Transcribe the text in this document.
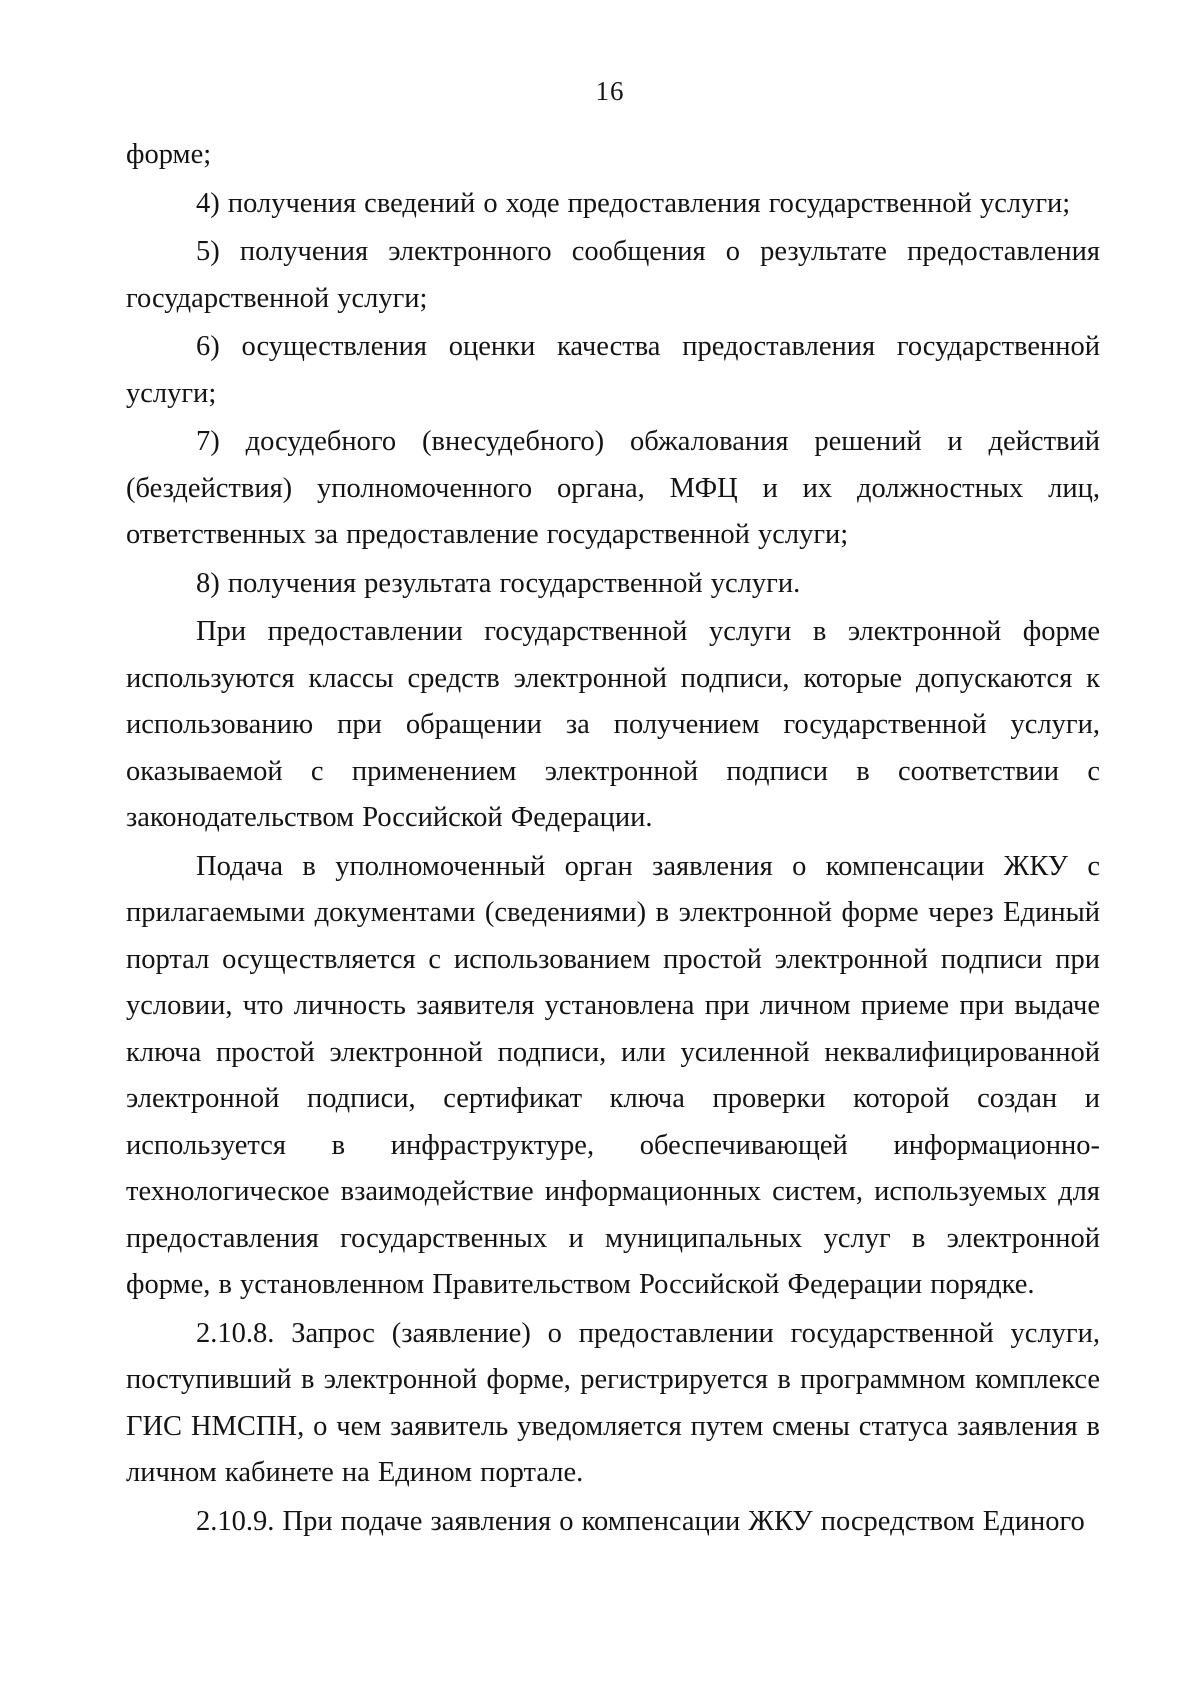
16

форме;

4) получения сведений о ходе предоставления государственной услуги;

5) получения электронного сообщения о результате предоставления государственной услуги;

6) осуществления оценки качества предоставления государственной услуги;

7) досудебного (внесудебного) обжалования решений и действий (бездействия) уполномоченного органа, МФЦ и их должностных лиц, ответственных за предоставление государственной услуги;

8) получения результата государственной услуги.

При предоставлении государственной услуги в электронной форме используются классы средств электронной подписи, которые допускаются к использованию при обращении за получением государственной услуги, оказываемой с применением электронной подписи в соответствии с законодательством Российской Федерации.

Подача в уполномоченный орган заявления о компенсации ЖКУ с прилагаемыми документами (сведениями) в электронной форме через Единый портал осуществляется с использованием простой электронной подписи при условии, что личность заявителя установлена при личном приеме при выдаче ключа простой электронной подписи, или усиленной неквалифицированной электронной подписи, сертификат ключа проверки которой создан и используется в инфраструктуре, обеспечивающей информационно-технологическое взаимодействие информационных систем, используемых для предоставления государственных и муниципальных услуг в электронной форме, в установленном Правительством Российской Федерации порядке.

2.10.8. Запрос (заявление) о предоставлении государственной услуги, поступивший в электронной форме, регистрируется в программном комплексе ГИС НМСПН, о чем заявитель уведомляется путем смены статуса заявления в личном кабинете на Едином портале.

2.10.9. При подаче заявления о компенсации ЖКУ посредством Единого
